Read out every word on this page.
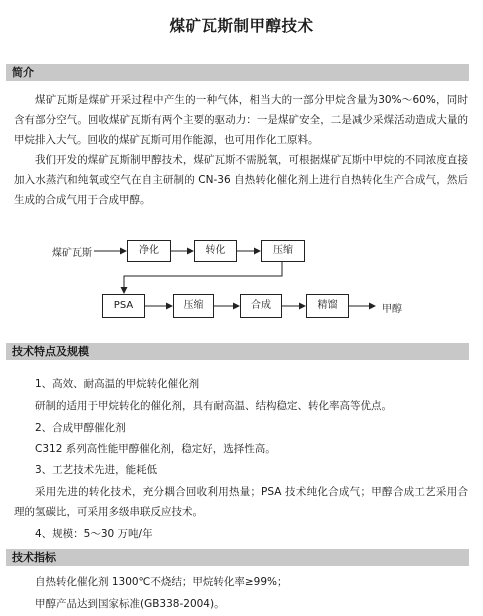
煤矿瓦斯制甲醇技术
简介

煤矿瓦斯是煤矿开采过程中产生的一种气体，相当大的一部分甲烷含量为30%～60%，同时含有部分空气。回收煤矿瓦斯有两个主要的驱动力：一是煤矿安全，二是减少采煤活动造成大量的甲烷排入大气。回收的煤矿瓦斯可用作能源，也可用作化工原料。

我们开发的煤矿瓦斯制甲醇技术，煤矿瓦斯不需脱氧，可根据煤矿瓦斯中甲烷的不同浓度直接加入水蒸汽和纯氧或空气在自主研制的 CN-36 自热转化催化剂上进行自热转化生产合成气，然后生成的合成气用于合成甲醇。

煤矿瓦斯	净化	转化	压缩
PSA	压缩	合成	精馏	甲醇
技术特点及规模

1、高效、耐高温的甲烷转化催化剂

研制的适用于甲烷转化的催化剂，具有耐高温、结构稳定、转化率高等优点。

2、合成甲醇催化剂

C312 系列高性能甲醇催化剂，稳定好，选择性高。

3、工艺技术先进，能耗低

采用先进的转化技术，充分耦合回收利用热量；PSA 技术纯化合成气；甲醇合成工艺采用合理的氢碳比，可采用多级串联反应技术。

4、规模：5～30 万吨/年

技术指标

自热转化催化剂 1300℃不烧结；甲烷转化率≥99%；

甲醇产品达到国家标准(GB338-2004)。
